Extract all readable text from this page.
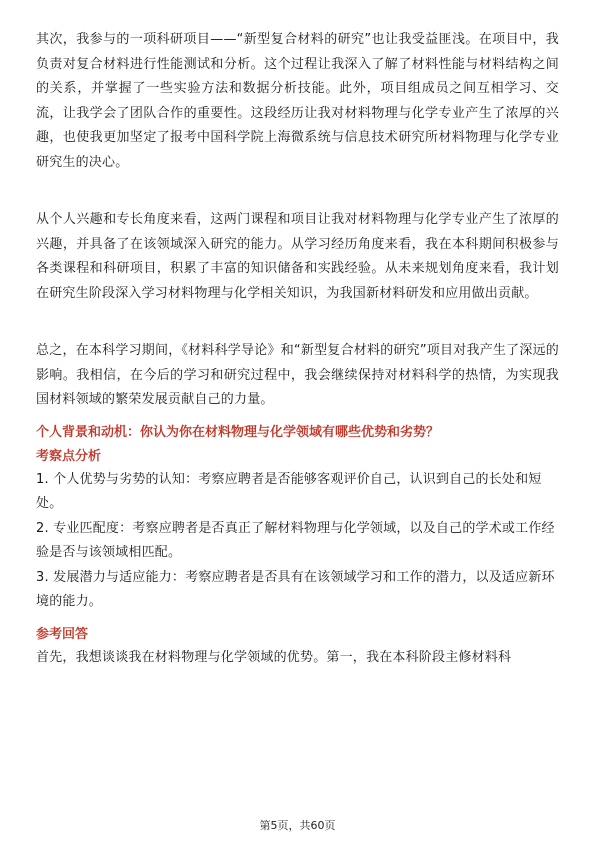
其次，我参与的一项科研项目——“新型复合材料的研究”也让我受益匪浅。在项目中，我负责对复合材料进行性能测试和分析。这个过程让我深入了解了材料性能与材料结构之间的关系，并掌握了一些实验方法和数据分析技能。此外，项目组成员之间互相学习、交流，让我学会了团队合作的重要性。这段经历让我对材料物理与化学专业产生了浓厚的兴趣，也使我更加坚定了报考中国科学院上海微系统与信息技术研究所材料物理与化学专业研究生的决心。

从个人兴趣和专长角度来看，这两门课程和项目让我对材料物理与化学专业产生了浓厚的兴趣，并具备了在该领域深入研究的能力。从学习经历角度来看，我在本科期间积极参与各类课程和科研项目，积累了丰富的知识储备和实践经验。从未来规划角度来看，我计划在研究生阶段深入学习材料物理与化学相关知识，为我国新材料研发和应用做出贡献。

总之，在本科学习期间，《材料科学导论》和“新型复合材料的研究”项目对我产生了深远的影响。我相信，在今后的学习和研究过程中，我会继续保持对材料科学的热情，为实现我国材料领域的繁荣发展贡献自己的力量。

个人背景和动机：你认为你在材料物理与化学领域有哪些优势和劣势？

考察点分析

1. 个人优势与劣势的认知：考察应聘者是否能够客观评价自己，认识到自己的长处和短处。

2. 专业匹配度：考察应聘者是否真正了解材料物理与化学领域，以及自己的学术或工作经验是否与该领域相匹配。

3. 发展潜力与适应能力：考察应聘者是否具有在该领域学习和工作的潜力，以及适应新环境的能力。

参考回答

首先，我想谈谈我在材料物理与化学领域的优势。第一，我在本科阶段主修材料科

第5页，共60页
